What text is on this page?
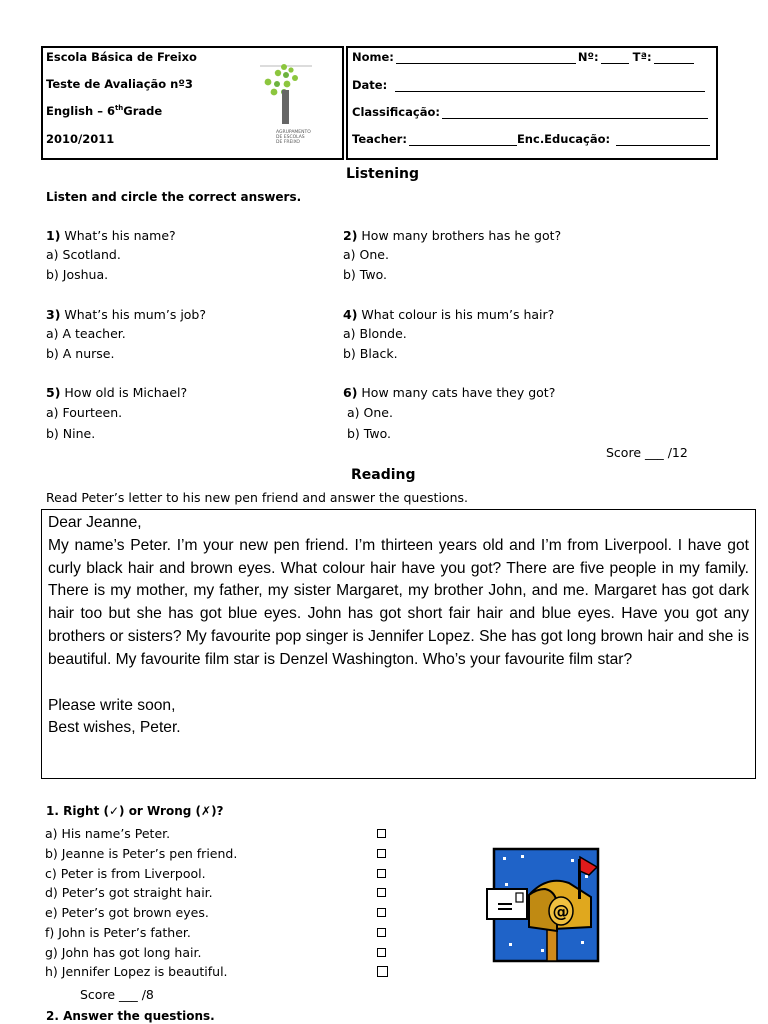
Escola Básica de Freixo
Teste de Avaliação nº3
English – 6thGrade
2010/2011	AGRUPAMENTO
DE ESCOLAS
DE FREIXO
Nome:	Nº:	Tª:
Date:
Classificação:
Teacher:	Enc.Educação:
Listening
Listen and circle the correct answers.
1) What’s his name?
a) Scotland.
b) Joshua.
2) How many brothers has he got?
a) One.
b) Two.
3) What’s his mum’s job?
a) A teacher.
b) A nurse.
4) What colour is his mum’s hair?
a) Blonde.
b) Black.
5) How old is Michael?
a) Fourteen.
b) Nine.
6) How many cats have they got?
a) One.
b) Two.
Score ___ /12
Reading
Read Peter’s letter to his new pen friend and answer the questions.

Dear Jeanne,

My name’s Peter. I’m your new pen friend. I’m thirteen years old and I’m from Liverpool. I have got curly black hair and brown eyes. What colour hair have you got? There are five people in my family. There is my mother, my father, my sister Margaret, my brother John, and me. Margaret has got dark hair too but she has got blue eyes. John has got short fair hair and blue eyes. Have you got any brothers or sisters? My favourite pop singer is Jennifer Lopez. She has got long brown hair and she is beautiful. My favourite film star is Denzel Washington. Who’s your favourite film star?

Please write soon,

Best wishes, Peter.

1. Right (✓) or Wrong (✗)?
a) His name’s Peter.
b) Jeanne is Peter’s pen friend.
c) Peter is from Liverpool.
d) Peter’s got straight hair.
e) Peter’s got brown eyes.
f) John is Peter’s father.
g) John has got long hair.
h) Jennifer Lopez is beautiful.
Score ___ /8
2. Answer the questions.
@
